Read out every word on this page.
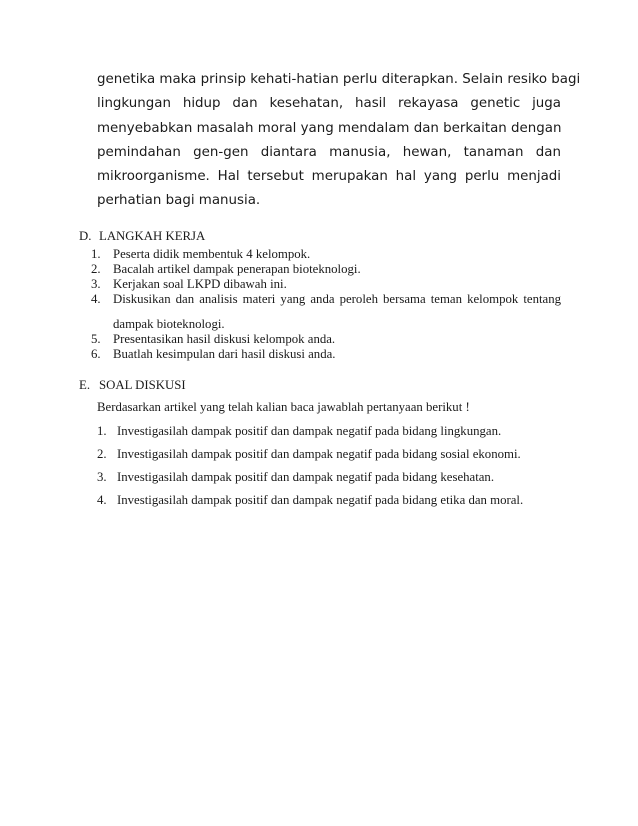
genetika maka prinsip kehati-hatian perlu diterapkan. Selain resiko bagi
lingkungan hidup dan kesehatan, hasil rekayasa genetic juga
menyebabkan masalah moral yang mendalam dan berkaitan dengan
pemindahan gen-gen diantara manusia, hewan, tanaman dan
mikroorganisme. Hal tersebut merupakan hal yang perlu menjadi
perhatian bagi manusia.
D. LANGKAH KERJA
1. Peserta didik membentuk 4 kelompok.
2. Bacalah artikel dampak penerapan bioteknologi.
3. Kerjakan soal LKPD dibawah ini.
4. Diskusikan dan analisis materi yang anda peroleh bersama teman kelompok tentang
dampak bioteknologi.
5. Presentasikan hasil diskusi kelompok anda.
6. Buatlah kesimpulan dari hasil diskusi anda.
E. SOAL DISKUSI
Berdasarkan artikel yang telah kalian baca jawablah pertanyaan berikut !
1. Investigasilah dampak positif dan dampak negatif pada bidang lingkungan.
2. Investigasilah dampak positif dan dampak negatif pada bidang sosial ekonomi.
3. Investigasilah dampak positif dan dampak negatif pada bidang kesehatan.
4. Investigasilah dampak positif dan dampak negatif pada bidang etika dan moral.
